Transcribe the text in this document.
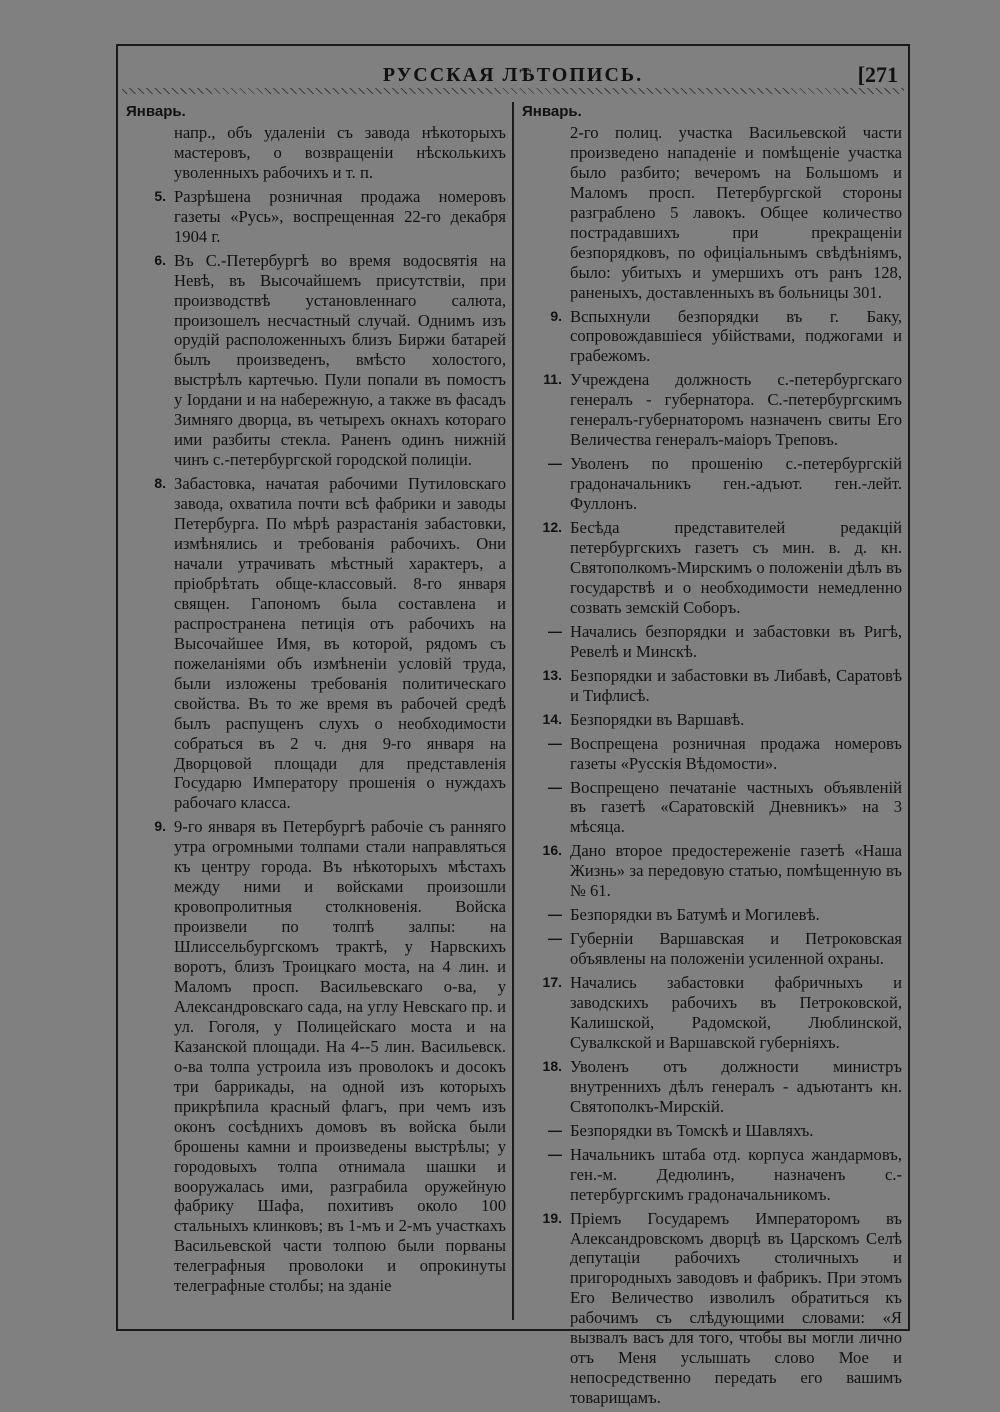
РУССКАЯ ЛѢТОПИСЬ.	[271
Январь.
напр., объ удаленіи съ завода нѣкоторыхъ мастеровъ, о возвращеніи нѣсколькихъ уволенныхъ рабочихъ и т. п.
5. Разрѣшена розничная продажа номеровъ газеты «Русь», воспрещенная 22-го декабря 1904 г.
6. Въ С.-Петербургѣ во время водосвятія на Невѣ, въ Высочайшемъ присутствіи, при производствѣ установленнаго салюта, произошелъ несчастный случай. Однимъ изъ орудій расположенныхъ близъ Биржи батарей былъ произведенъ, вмѣсто холостого, выстрѣлъ картечью. Пули попали въ помостъ у Іордани и на набережную, а также въ фасадъ Зимняго дворца, въ четырехъ окнахъ котораго ими разбиты стекла. Раненъ одинъ нижній чинъ с.-петербургской городской полиціи.
8. Забастовка, начатая рабочими Путиловскаго завода, охватила почти всѣ фабрики и заводы Петербурга. По мѣрѣ разрастанія забастовки, измѣнялись и требованія рабочихъ. Они начали утрачивать мѣстный характеръ, а пріобрѣтать обще-классовый. 8-го января священ. Гапономъ была составлена и распространена петиція отъ рабочихъ на Высочайшее Имя, въ которой, рядомъ съ пожеланіями объ измѣненіи условій труда, были изложены требованія политическаго свойства. Въ то же время въ рабочей средѣ былъ распущенъ слухъ о необходимости собраться въ 2 ч. дня 9-го января на Дворцовой площади для представленія Государю Императору прошенія о нуждахъ рабочаго класса.
9. 9-го января въ Петербургѣ рабочіе съ ранняго утра огромными толпами стали направляться къ центру города. Въ нѣкоторыхъ мѣстахъ между ними и войсками произошли кровопролитныя столкновенія. Войска произвели по толпѣ залпы: на Шлиссельбургскомъ трактѣ, у Нарвскихъ воротъ, близъ Троицкаго моста, на 4 лин. и Маломъ просп. Васильевскаго о-ва, у Александровскаго сада, на углу Невскаго пр. и ул. Гоголя, у Полицейскаго моста и на Казанской площади. На 4--5 лин. Васильевск. о-ва толпа устроила изъ проволокъ и досокъ три баррикады, на одной изъ которыхъ прикрѣпила красный флагъ, при чемъ изъ оконъ сосѣднихъ домовъ въ войска были брошены камни и произведены выстрѣлы; у городовыхъ толпа отнимала шашки и вооружалась ими, разграбила оружейную фабрику Шафа, похитивъ около 100 стальныхъ клинковъ; въ 1-мъ и 2-мъ участкахъ Васильевской части толпою были порваны телеграфныя проволоки и опрокинуты телеграфные столбы; на зданіе
Январь.
2-го полиц. участка Васильевской части произведено нападеніе и помѣщеніе участка было разбито; вечеромъ на Большомъ и Маломъ просп. Петербургской стороны разграблено 5 лавокъ. Общее количество пострадавшихъ при прекращеніи безпорядковъ, по офиціальнымъ свѣдѣніямъ, было: убитыхъ и умершихъ отъ ранъ 128, раненыхъ, доставленныхъ въ больницы 301.
9. Вспыхнули безпорядки въ г. Баку, сопровождавшіеся убійствами, поджогами и грабежомъ.
11. Учреждена должность с.-петербургскаго генералъ - губернатора. С.-петербургскимъ генералъ-губернаторомъ назначенъ свиты Его Величества генералъ-маіоръ Треповъ.
— Уволенъ по прошенію с.-петербургскій градоначальникъ ген.-адъют. ген.-лейт. Фуллонъ.
12. Бесѣда представителей редакцій петербургскихъ газетъ съ мин. в. д. кн. Святополкомъ-Мирскимъ о положеніи дѣлъ въ государствѣ и о необходимости немедленно созвать земскій Соборъ.
— Начались безпорядки и забастовки въ Ригѣ, Ревелѣ и Минскѣ.
13. Безпорядки и забастовки въ Либавѣ, Саратовѣ и Тифлисѣ.
14. Безпорядки въ Варшавѣ.
— Воспрещена розничная продажа номеровъ газеты «Русскія Вѣдомости».
— Воспрещено печатаніе частныхъ объявленій въ газетѣ «Саратовскій Дневникъ» на 3 мѣсяца.
16. Дано второе предостереженіе газетѣ «Наша Жизнь» за передовую статью, помѣщенную въ № 61.
— Безпорядки въ Батумѣ и Могилевѣ.
— Губерніи Варшавская и Петроковская объявлены на положеніи усиленной охраны.
17. Начались забастовки фабричныхъ и заводскихъ рабочихъ въ Петроковской, Калишской, Радомской, Люблинской, Сувалкской и Варшавской губерніяхъ.
18. Уволенъ отъ должности министръ внутреннихъ дѣлъ генералъ - адъютантъ кн. Святополкъ-Мирскій.
— Безпорядки въ Томскѣ и Шавляхъ.
— Начальникъ штаба отд. корпуса жандармовъ, ген.-м. Дедюлинъ, назначенъ с.-петербургскимъ градоначальникомъ.
19. Пріемъ Государемъ Императоромъ въ Александровскомъ дворцѣ въ Царскомъ Селѣ депутаціи рабочихъ столичныхъ и пригородныхъ заводовъ и фабрикъ. При этомъ Его Величество изволилъ обратиться къ рабочимъ съ слѣдующими словами: «Я вызвалъ васъ для того, чтобы вы могли лично отъ Меня услышать слово Мое и непосредственно передать его вашимъ товарищамъ.
